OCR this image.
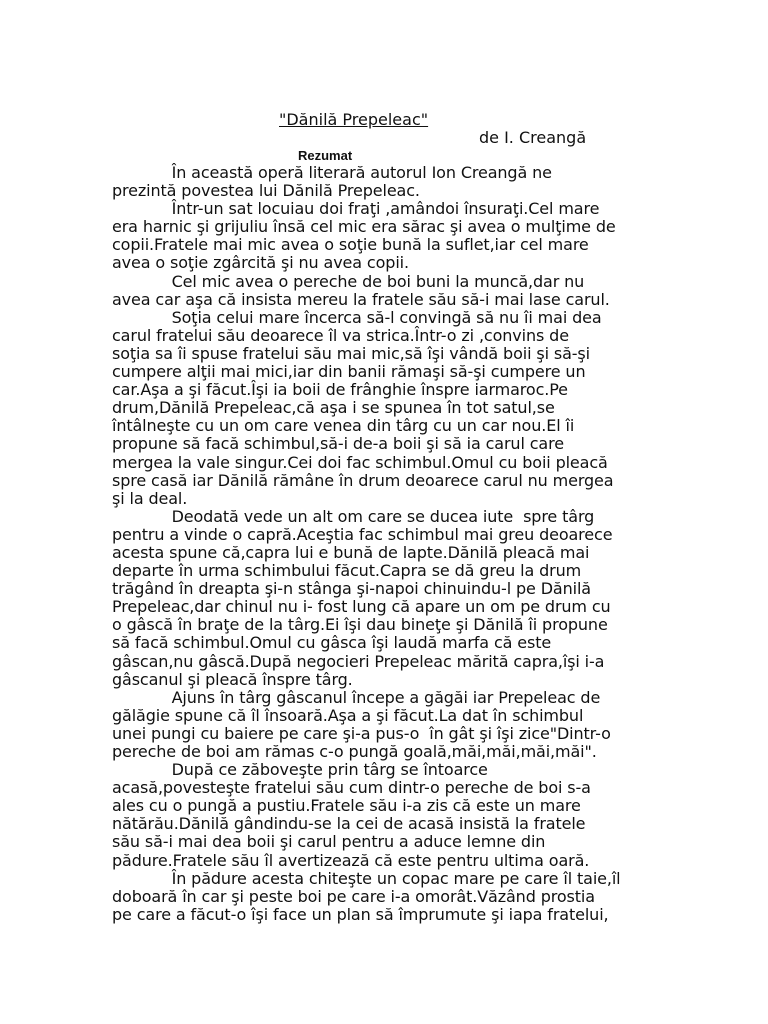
"Dănilă Prepeleac"
de I. Creangă
Rezumat
În această operă literară autorul Ion Creangă ne
prezintă povestea lui Dănilă Prepeleac.
Într-un sat locuiau doi fraţi ,amândoi însuraţi.Cel mare
era harnic şi grijuliu însă cel mic era sărac şi avea o mulţime de
copii.Fratele mai mic avea o soţie bună la suflet,iar cel mare
avea o soţie zgârcită şi nu avea copii.
Cel mic avea o pereche de boi buni la muncă,dar nu
avea car aşa că insista mereu la fratele său să-i mai lase carul.
Soţia celui mare încerca să-l convingă să nu îi mai dea
carul fratelui său deoarece îl va strica.Într-o zi ,convins de
soţia sa îi spuse fratelui său mai mic,să îşi vândă boii şi să-şi
cumpere alţii mai mici,iar din banii rămaşi să-şi cumpere un
car.Aşa a şi făcut.Îşi ia boii de frânghie înspre iarmaroc.Pe
drum,Dănilă Prepeleac,că aşa i se spunea în tot satul,se
întâlneşte cu un om care venea din târg cu un car nou.El îi
propune să facă schimbul,să-i de-a boii şi să ia carul care
mergea la vale singur.Cei doi fac schimbul.Omul cu boii pleacă
spre casă iar Dănilă rămâne în drum deoarece carul nu mergea
şi la deal.
Deodată vede un alt om care se ducea iute  spre târg
pentru a vinde o capră.Aceştia fac schimbul mai greu deoarece
acesta spune că,capra lui e bună de lapte.Dănilă pleacă mai
departe în urma schimbului făcut.Capra se dă greu la drum
trăgând în dreapta şi-n stânga şi-napoi chinuindu-l pe Dănilă
Prepeleac,dar chinul nu i- fost lung că apare un om pe drum cu
o gâscă în braţe de la târg.Ei îşi dau bineţe şi Dănilă îi propune
să facă schimbul.Omul cu gâsca îşi laudă marfa că este
gâscan,nu gâscă.După negocieri Prepeleac mărită capra,îşi i-a
gâscanul şi pleacă înspre târg.
Ajuns în târg gâscanul începe a găgăi iar Prepeleac de
gălăgie spune că îl însoară.Aşa a şi făcut.La dat în schimbul
unei pungi cu baiere pe care şi-a pus-o  în gât şi îşi zice"Dintr-o
pereche de boi am rămas c-o pungă goală,măi,măi,măi,măi".
După ce zăboveşte prin târg se întoarce
acasă,povesteşte fratelui său cum dintr-o pereche de boi s-a
ales cu o pungă a pustiu.Fratele său i-a zis că este un mare
nătărău.Dănilă gândindu-se la cei de acasă insistă la fratele
său să-i mai dea boii şi carul pentru a aduce lemne din
pădure.Fratele său îl avertizează că este pentru ultima oară.
În pădure acesta chiteşte un copac mare pe care îl taie,îl
doboară în car şi peste boi pe care i-a omorât.Văzând prostia
pe care a făcut-o îşi face un plan să împrumute şi iapa fratelui,
